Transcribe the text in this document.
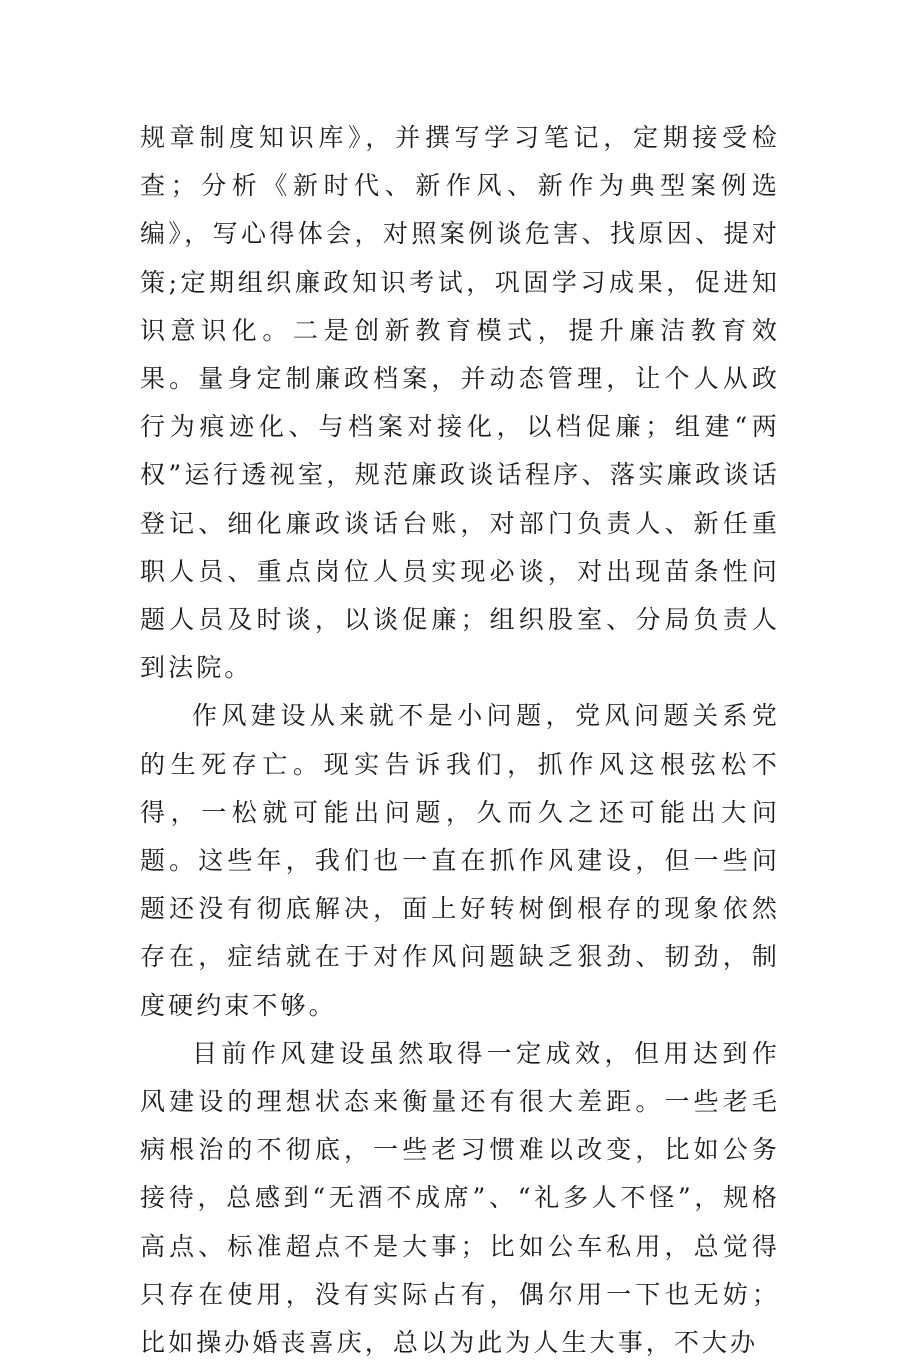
规章制度知识库》，并撰写学习笔记，定期接受检查；分析《新时代、新作风、新作为典型案例选编》，写心得体会，对照案例谈危害、找原因、提对策;定期组织廉政知识考试，巩固学习成果，促进知识意识化。二是创新教育模式，提升廉洁教育效果。量身定制廉政档案，并动态管理，让个人从政行为痕迹化、与档案对接化，以档促廉；组建“两权”运行透视室，规范廉政谈话程序、落实廉政谈话登记、细化廉政谈话台账，对部门负责人、新任重职人员、重点岗位人员实现必谈，对出现苗条性问题人员及时谈，以谈促廉；组织股室、分局负责人到法院。

作风建设从来就不是小问题，党风问题关系党的生死存亡。现实告诉我们，抓作风这根弦松不得，一松就可能出问题，久而久之还可能出大问题。这些年，我们也一直在抓作风建设，但一些问题还没有彻底解决，面上好转树倒根存的现象依然存在，症结就在于对作风问题缺乏狠劲、韧劲，制度硬约束不够。

目前作风建设虽然取得一定成效，但用达到作风建设的理想状态来衡量还有很大差距。一些老毛病根治的不彻底，一些老习惯难以改变，比如公务接待，总感到“无酒不成席”、“礼多人不怪”，规格高点、标准超点不是大事；比如公车私用，总觉得只存在使用，没有实际占有，偶尔用一下也无妨；比如操办婚丧喜庆，总以为此为人生大事，不大办
